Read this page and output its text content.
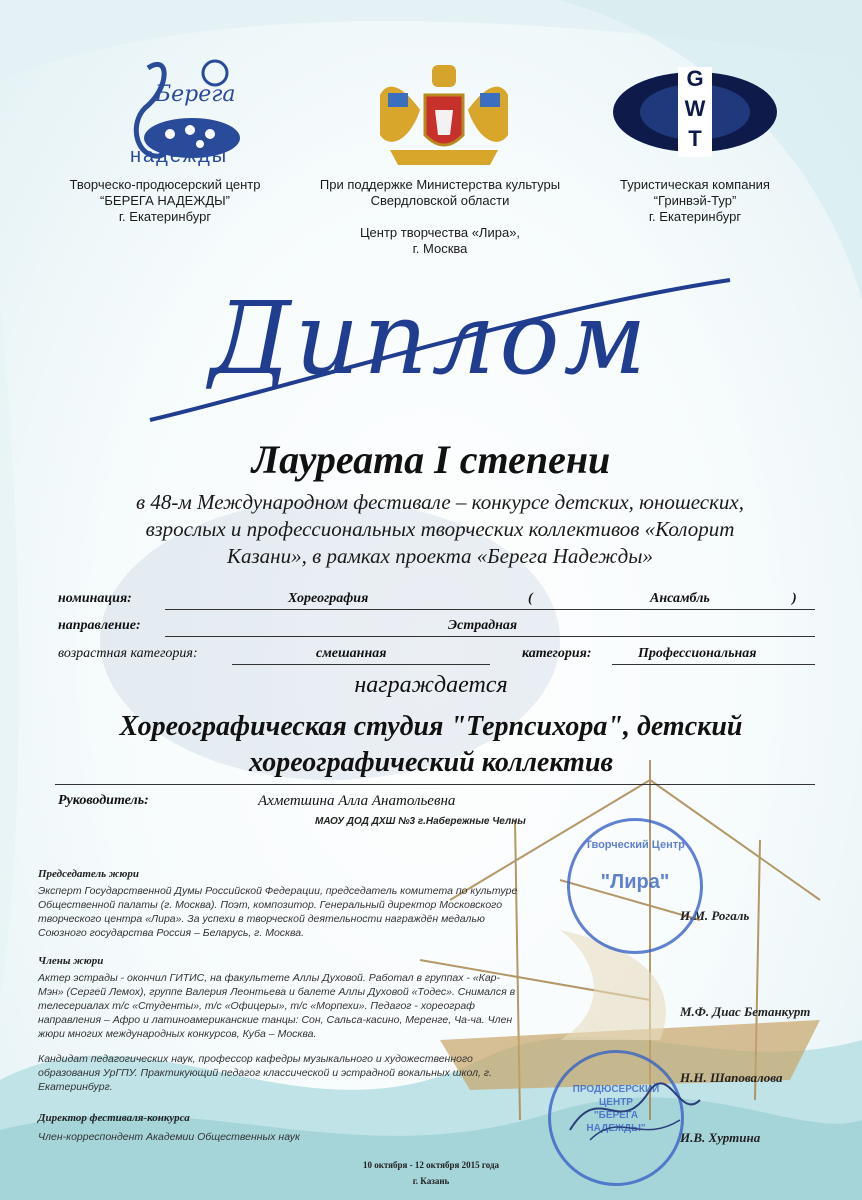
Берега
надежды
Творческо-продюсерский центр
“БЕРЕГА НАДЕЖДЫ”
г. Екатеринбург
При поддержке Министерства культуры
Свердловской области
Центр творчества «Лира»,
г. Москва
G
W
T
Туристическая компания
“Гринвэй-Тур”
г. Екатеринбург
Диплом
Лауреата I степени
в 48-м Международном фестивале – конкурсе детских, юношеских,
взрослых и профессиональных творческих коллективов «Колорит
Казани», в рамках проекта «Берега Надежды»
номинация:	Хореография	(	Ансамбль	)
направление:	Эстрадная
возрастная категория:	смешанная	категория:	Профессиональная
награждается
Хореографическая студия "Терпсихора", детский
хореографический коллектив
Руководитель:	Ахметшина Алла Анатольевна
МАОУ ДОД ДХШ №3 г.Набережные Челны
Председатель жюри
Эксперт Государственной Думы Российской Федерации, председатель комитета по культуре
Общественной палаты (г. Москва). Поэт, композитор. Генеральный директор Московского
творческого центра «Лира». За успехи в творческой деятельности награждён медалью
Союзного государства Россия – Беларусь, г. Москва.
И.М. Рогаль
Члены жюри
Актер эстрады - окончил ГИТИС, на факультете Аллы Духовой. Работал в группах - «Кар-
Мэн» (Сергей Лемох), группе Валерия Леонтьева и балете Аллы Духовой «Тодес». Снимался в
телесериалах т/с «Студенты», т/с «Офицеры», т/с «Морпехи». Педагог - хореограф
направления – Афро и латиноамериканские танцы: Сон, Сальса-касино, Меренге, Ча-ча. Член
жюри многих международных конкурсов, Куба – Москва.
М.Ф. Диас Бетанкурт
Кандидат педагогических наук, профессор кафедры музыкального и художественного
образования УрГПУ. Практикующий педагог классической и эстрадной вокальных школ, г.
Екатеринбург.
Н.Н. Шаповалова
Директор фестиваля-конкурса
Член-корреспондент Академии Общественных наук	И.В. Хуртина
Творческий Центр
"Лира"
ПРОДЮСЕРСКИЙ
ЦЕНТР
"БЕРЕГА
НАДЕЖДЫ"
10 октября - 12 октября 2015 года
г. Казань
